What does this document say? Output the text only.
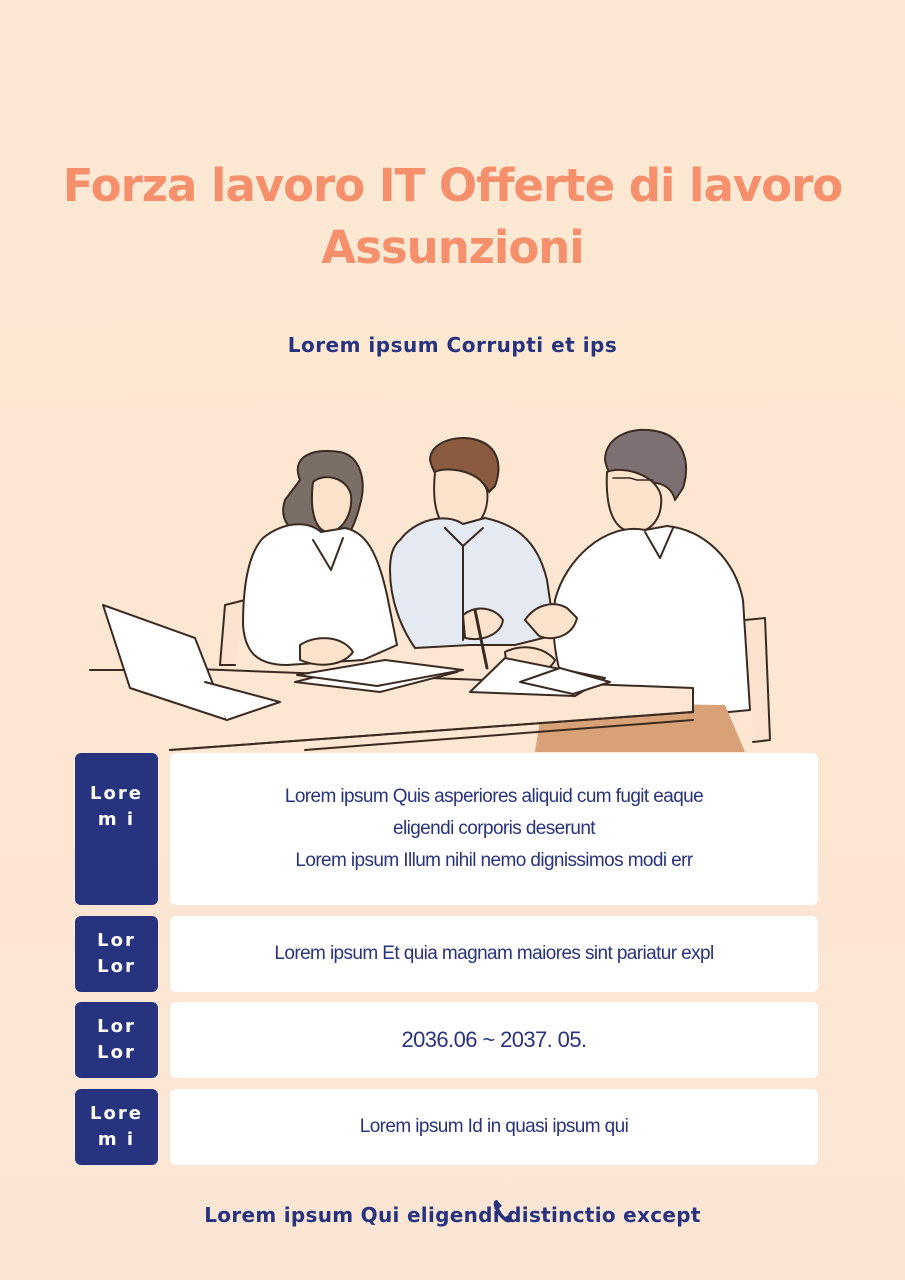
Forza lavoro IT Offerte di lavoro
Assunzioni
Lorem ipsum Corrupti et ips
Lore
m i
Lorem ipsum Quis asperiores aliquid cum fugit eaque
eligendi corporis deserunt
Lorem ipsum Illum nihil nemo dignissimos modi err
Lor
Lor
Lorem ipsum Et quia magnam maiores sint pariatur expl
Lor
Lor
2036.06 ~ 2037. 05.
Lore
m i
Lorem ipsum Id in quasi ipsum qui
Lorem ipsum Qui eligendi distinctio except
